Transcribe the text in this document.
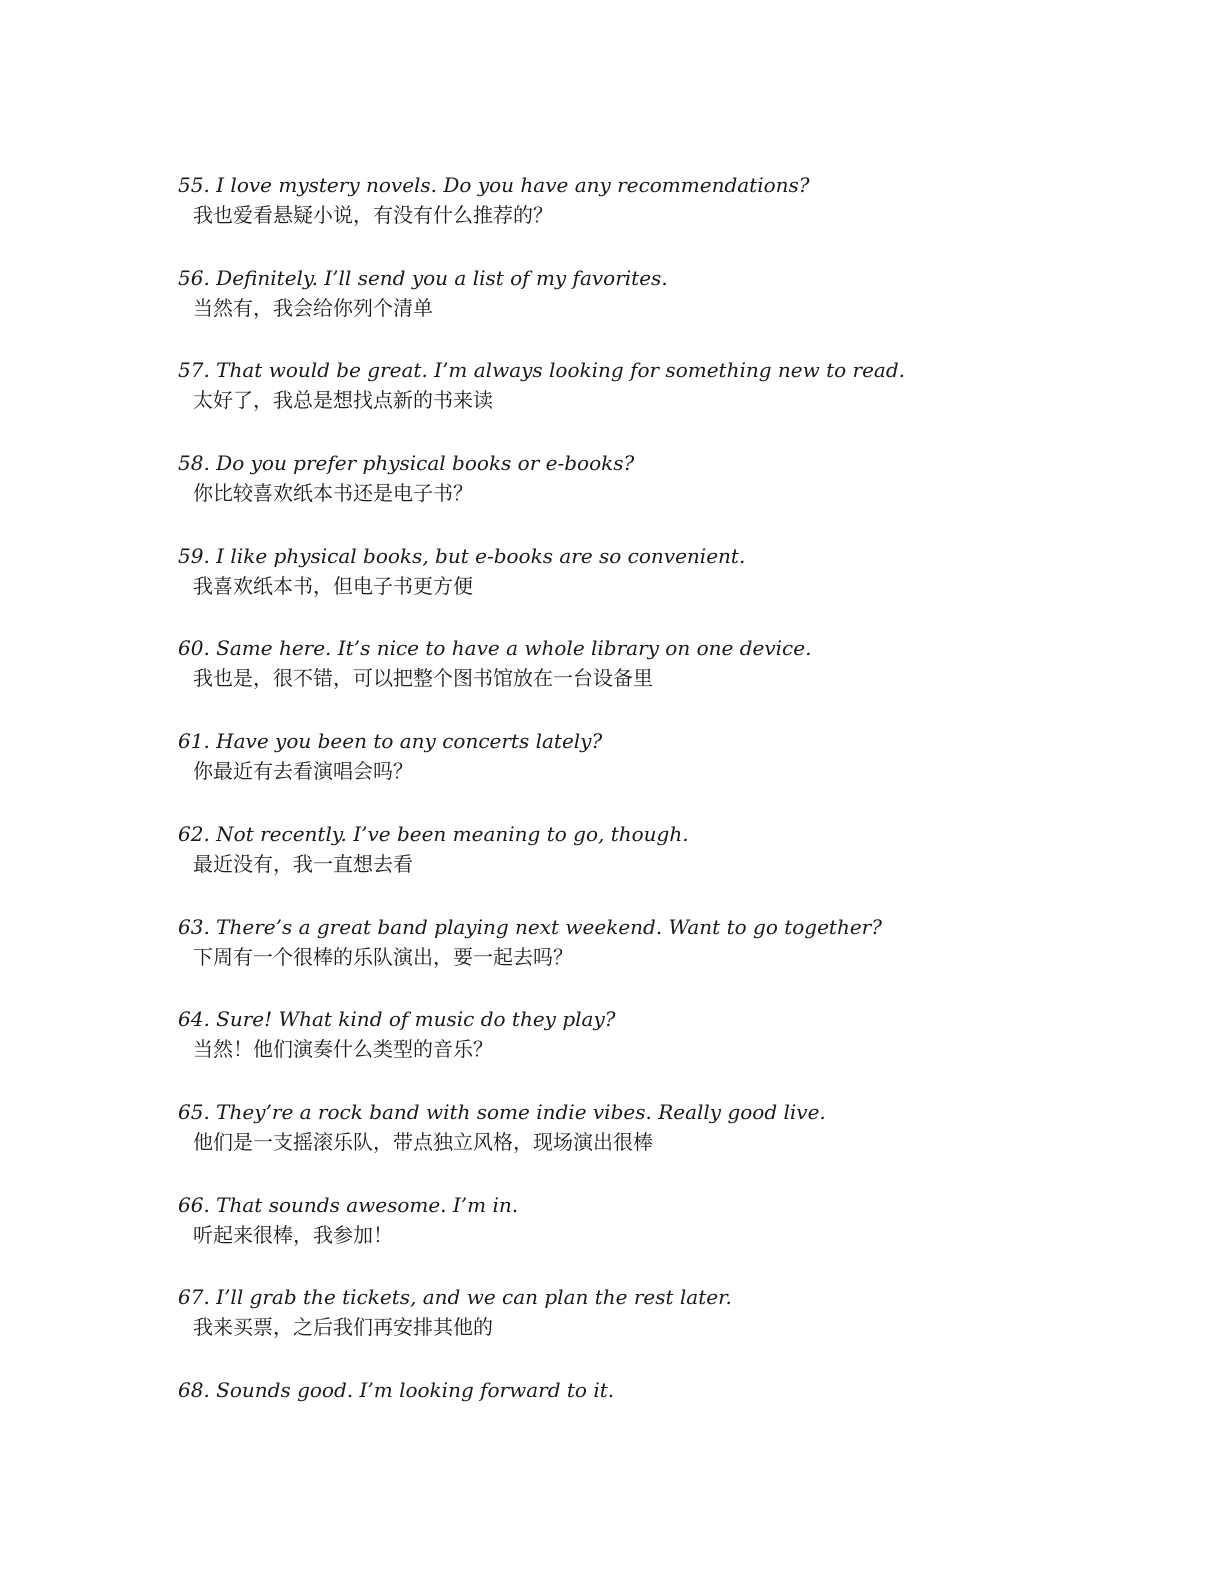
55. I love mystery novels. Do you have any recommendations?
我也爱看悬疑小说，有没有什么推荐的？
56. Definitely. I’ll send you a list of my favorites.
当然有，我会给你列个清单
57. That would be great. I’m always looking for something new to read.
太好了，我总是想找点新的书来读
58. Do you prefer physical books or e-books?
你比较喜欢纸本书还是电子书？
59. I like physical books, but e-books are so convenient.
我喜欢纸本书，但电子书更方便
60. Same here. It’s nice to have a whole library on one device.
我也是，很不错，可以把整个图书馆放在一台设备里
61. Have you been to any concerts lately?
你最近有去看演唱会吗？
62. Not recently. I’ve been meaning to go, though.
最近没有，我一直想去看
63. There’s a great band playing next weekend. Want to go together?
下周有一个很棒的乐队演出，要一起去吗？
64. Sure! What kind of music do they play?
当然！他们演奏什么类型的音乐？
65. They’re a rock band with some indie vibes. Really good live.
他们是一支摇滚乐队，带点独立风格，现场演出很棒
66. That sounds awesome. I’m in.
听起来很棒，我参加！
67. I’ll grab the tickets, and we can plan the rest later.
我来买票，之后我们再安排其他的
68. Sounds good. I’m looking forward to it.
